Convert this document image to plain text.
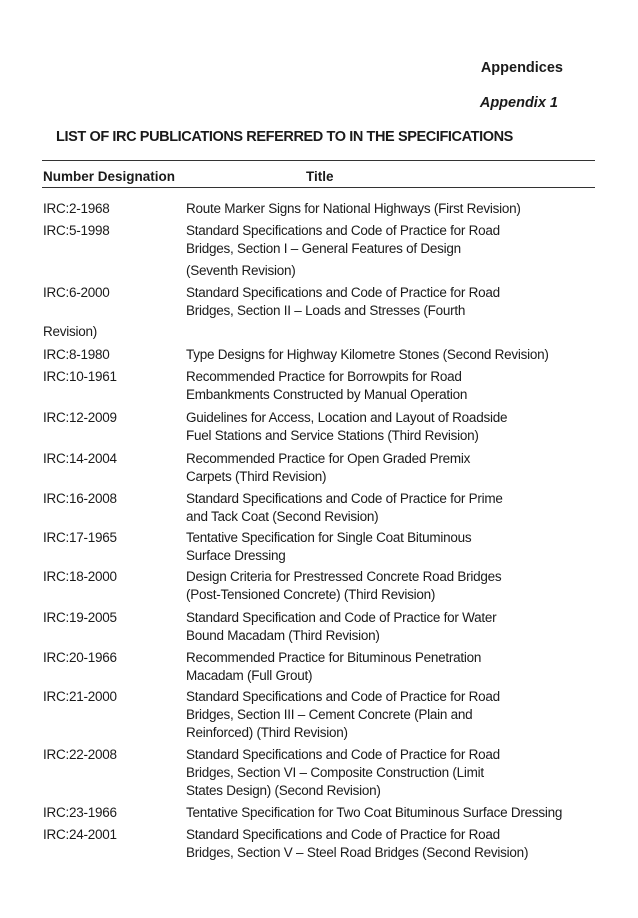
Appendices
Appendix 1
LIST OF IRC PUBLICATIONS REFERRED TO IN THE SPECIFICATIONS
Number Designation	Title
IRC:2-1968	Route Marker Signs for National Highways (First Revision)
IRC:5-1998	Standard Specifications and Code of Practice for Road
Bridges, Section I – General Features of Design
(Seventh Revision)
IRC:6-2000	Standard Specifications and Code of Practice for Road
Bridges, Section II – Loads and Stresses (Fourth
Revision)
IRC:8-1980	Type Designs for Highway Kilometre Stones (Second Revision)
IRC:10-1961	Recommended Practice for Borrowpits for Road
Embankments Constructed by Manual Operation
IRC:12-2009	Guidelines for Access, Location and Layout of Roadside
Fuel Stations and Service Stations (Third Revision)
IRC:14-2004	Recommended Practice for Open Graded Premix
Carpets (Third Revision)
IRC:16-2008	Standard Specifications and Code of Practice for Prime
and Tack Coat (Second Revision)
IRC:17-1965	Tentative Specification for Single Coat Bituminous
Surface Dressing
IRC:18-2000	Design Criteria for Prestressed Concrete Road Bridges
(Post-Tensioned Concrete) (Third Revision)
IRC:19-2005	Standard Specification and Code of Practice for Water
Bound Macadam (Third Revision)
IRC:20-1966	Recommended Practice for Bituminous Penetration
Macadam (Full Grout)
IRC:21-2000	Standard Specifications and Code of Practice for Road
Bridges, Section III – Cement Concrete (Plain and
Reinforced) (Third Revision)
IRC:22-2008	Standard Specifications and Code of Practice for Road
Bridges, Section VI – Composite Construction (Limit
States Design) (Second Revision)
IRC:23-1966	Tentative Specification for Two Coat Bituminous Surface Dressing
IRC:24-2001	Standard Specifications and Code of Practice for Road
Bridges, Section V – Steel Road Bridges (Second Revision)
